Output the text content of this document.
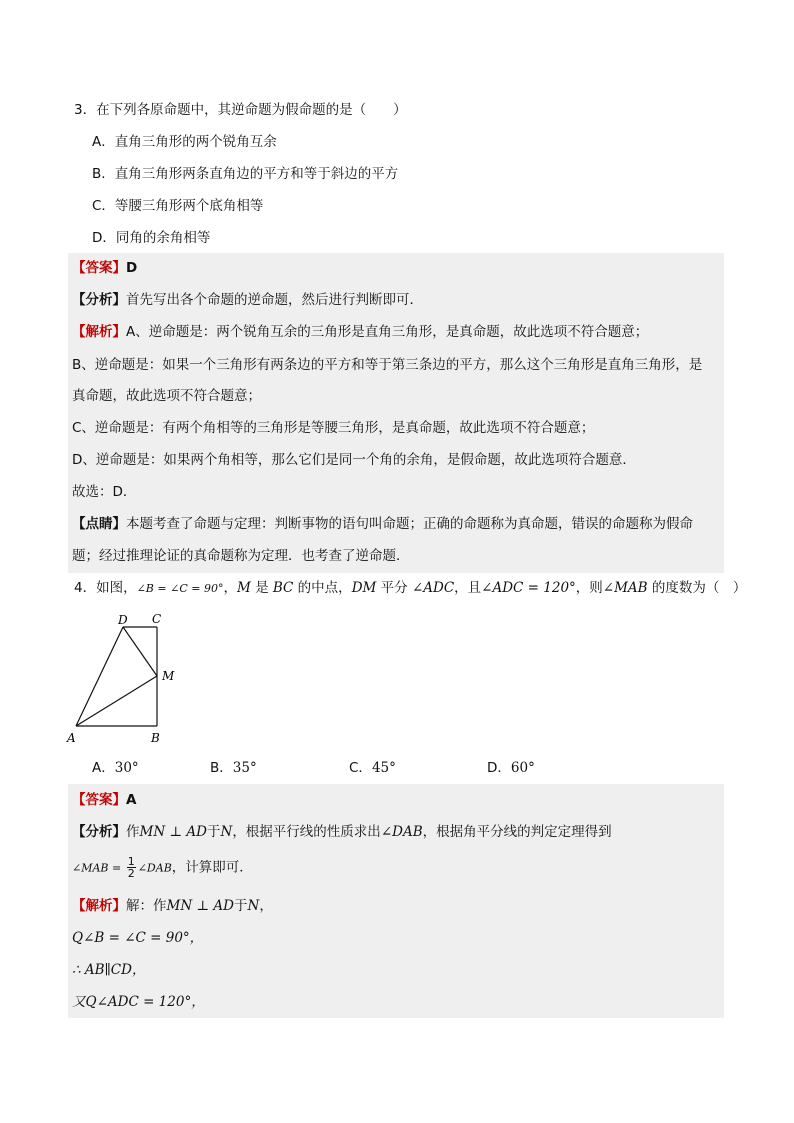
3．在下列各原命题中，其逆命题为假命题的是（　　）
A．直角三角形的两个锐角互余
B．直角三角形两条直角边的平方和等于斜边的平方
C．等腰三角形两个底角相等
D．同角的余角相等
【答案】D
【分析】首先写出各个命题的逆命题，然后进行判断即可．
【解析】A、逆命题是：两个锐角互余的三角形是直角三角形，是真命题，故此选项不符合题意；
B、逆命题是：如果一个三角形有两条边的平方和等于第三条边的平方，那么这个三角形是直角三角形，是
真命题，故此选项不符合题意；
C、逆命题是：有两个角相等的三角形是等腰三角形，是真命题，故此选项不符合题意；
D、逆命题是：如果两个角相等，那么它们是同一个角的余角，是假命题，故此选项符合题意．
故选：D．
【点睛】本题考查了命题与定理：判断事物的语句叫命题；正确的命题称为真命题，错误的命题称为假命
题；经过推理论证的真命题称为定理．也考查了逆命题．
4．如图，∠B = ∠C = 90°，M 是 BC 的中点，DM 平分 ∠ADC，且∠ADC = 120°，则∠MAB 的度数为（　）
A	B
C
D
M
A．30°	B．35°	C．45°	D．60°
【答案】A
【分析】作MN ⊥ AD于N，根据平行线的性质求出∠DAB，根据角平分线的判定定理得到
∠MAB = $\frac{1}{2}$ ∠DAB，计算即可．
【解析】解：作MN ⊥ AD于N，
Q∠B = ∠C = 90°，
∴ AB∥CD，
又Q∠ADC = 120°，
